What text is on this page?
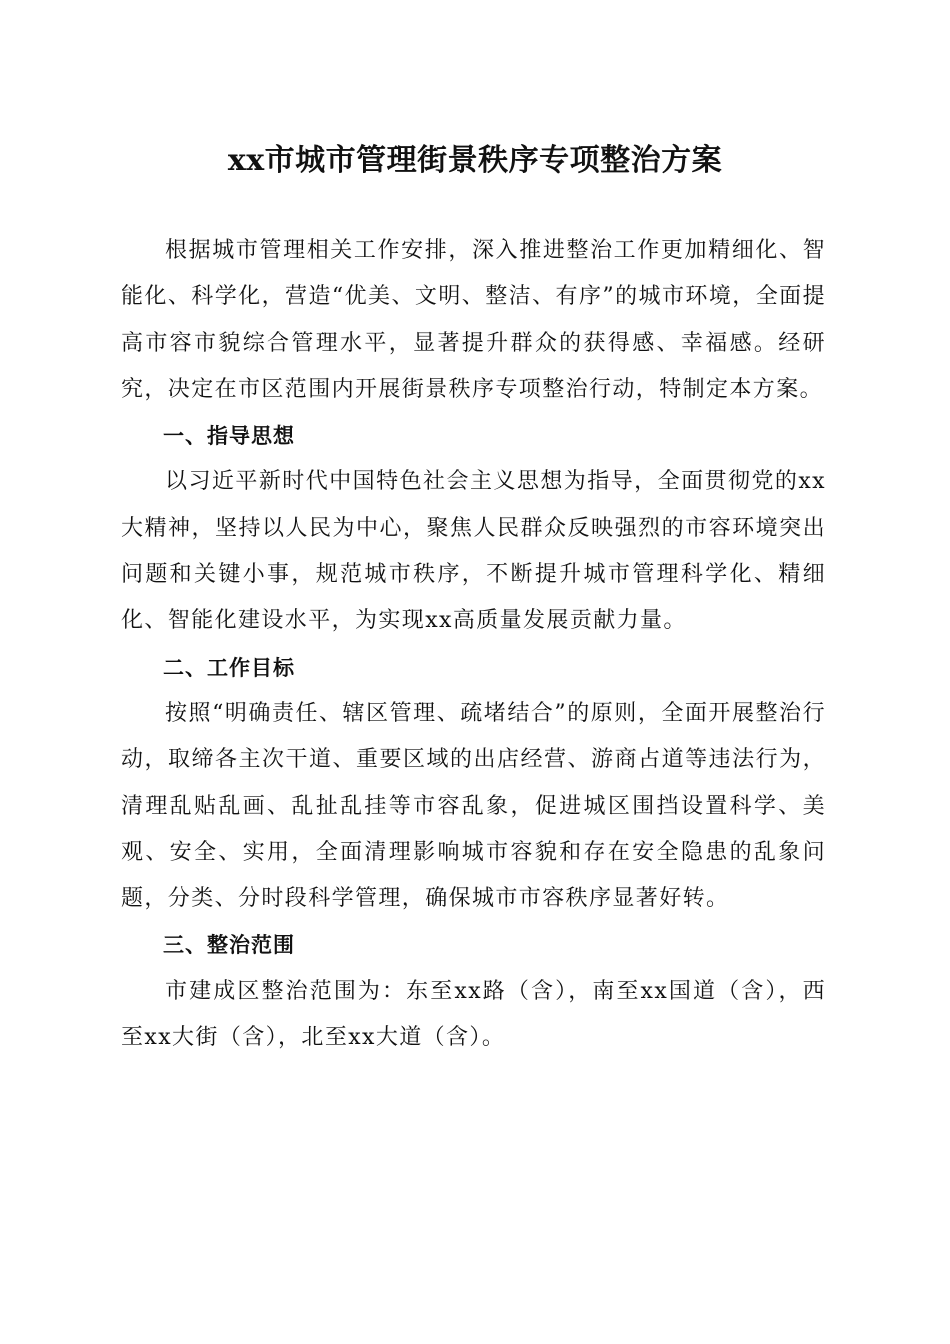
xx市城市管理街景秩序专项整治方案

根据城市管理相关工作安排，深入推进整治工作更加精细化、智能化、科学化，营造“优美、文明、整洁、有序”的城市环境，全面提高市容市貌综合管理水平，显著提升群众的获得感、幸福感。经研究，决定在市区范围内开展街景秩序专项整治行动，特制定本方案。

一、指导思想

以习近平新时代中国特色社会主义思想为指导，全面贯彻党的xx大精神，坚持以人民为中心，聚焦人民群众反映强烈的市容环境突出问题和关键小事，规范城市秩序，不断提升城市管理科学化、精细化、智能化建设水平，为实现xx高质量发展贡献力量。

二、工作目标

按照“明确责任、辖区管理、疏堵结合”的原则，全面开展整治行动，取缔各主次干道、重要区域的出店经营、游商占道等违法行为，清理乱贴乱画、乱扯乱挂等市容乱象，促进城区围挡设置科学、美观、安全、实用，全面清理影响城市容貌和存在安全隐患的乱象问题，分类、分时段科学管理，确保城市市容秩序显著好转。

三、整治范围

市建成区整治范围为：东至xx路（含），南至xx国道（含），西至xx大街（含），北至xx大道（含）。
